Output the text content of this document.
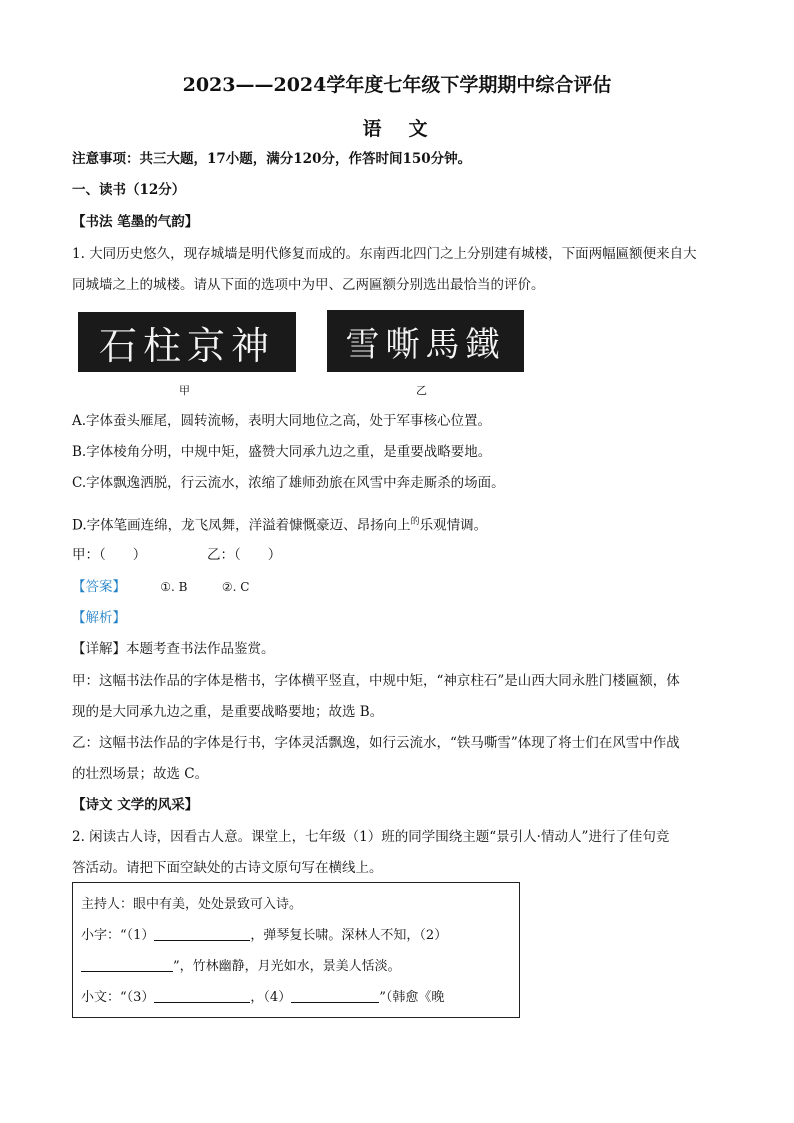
2023——2024学年度七年级下学期期中综合评估
语　文
注意事项：共三大题，17小题，满分120分，作答时间150分钟。
一、读书（12分）
【书法 笔墨的气韵】
1. 大同历史悠久，现存城墙是明代修复而成的。东南西北四门之上分别建有城楼，下面两幅匾额便来自大
同城墙之上的城楼。请从下面的选项中为甲、乙两匾额分别选出最恰当的评价。
石柱京神 雪嘶馬鐵
甲	乙
A.字体蚕头雁尾，圆转流畅，表明大同地位之高，处于军事核心位置。
B.字体棱角分明，中规中矩，盛赞大同承九边之重，是重要战略要地。
C.字体飘逸洒脱，行云流水，浓缩了雄师劲旅在风雪中奔走厮杀的场面。
D.字体笔画连绵，龙飞凤舞，洋溢着慷慨豪迈、昂扬向上$^的$乐观情调。
甲：（　　）　　　　　乙：（　　）
【答案】	①. B	②. C
【解析】
【详解】本题考查书法作品鉴赏。
甲：这幅书法作品的字体是楷书，字体横平竖直，中规中矩，“神京柱石”是山西大同永胜门楼匾额，体
现的是大同承九边之重，是重要战略要地；故选 B。
乙：这幅书法作品的字体是行书，字体灵活飘逸，如行云流水，“铁马嘶雪”体现了将士们在风雪中作战
的壮烈场景；故选 C。
【诗文 文学的风采】
2. 闲读古人诗，因看古人意。课堂上，七年级（1）班的同学围绕主题“景引人·情动人”进行了佳句竞
答活动。请把下面空缺处的古诗文原句写在横线上。
主持人：眼中有美，处处景致可入诗。
小字：“（1）	，弹琴复长啸。深林人不知，（2）
”，竹林幽静，月光如水，景美人恬淡。
小文：“（3）	，（4）	”（韩愈《晚
